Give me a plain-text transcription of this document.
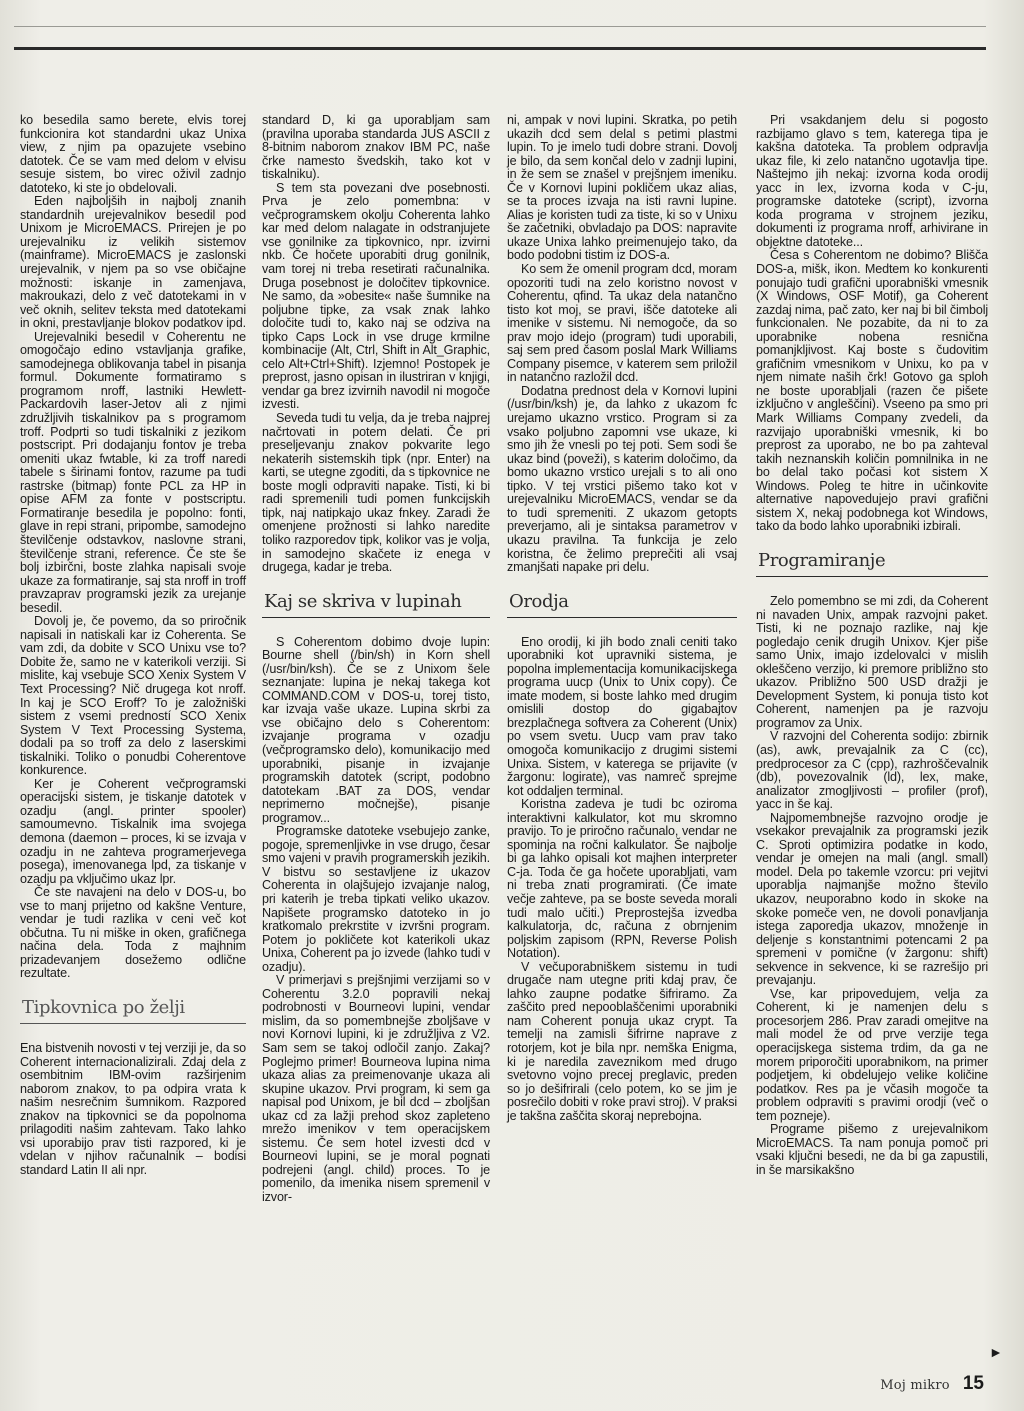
ko besedila samo berete, elvis torej funkcionira kot standardni ukaz Unixa view, z njim pa opazujete vsebino datotek. Če se vam med delom v elvisu sesuje sistem, bo virec oživil zadnjo datoteko, ki ste jo obdelovali.

Eden najboljših in najbolj znanih standardnih urejevalnikov besedil pod Unixom je MicroEMACS. Prirejen je po urejevalniku iz velikih sistemov (mainframe). MicroEMACS je zaslonski urejevalnik, v njem pa so vse običajne možnosti: iskanje in zamenjava, makroukazi, delo z več datotekami in v več oknih, selitev teksta med datotekami in okni, prestavljanje blokov podatkov ipd.

Urejevalniki besedil v Coherentu ne omogočajo edino vstavljanja grafike, samodejnega oblikovanja tabel in pisanja formul. Dokumente formatiramo s programom nroff, lastniki Hewlett-Packardovih laser-Jetov ali z njimi združljivih tiskalnikov pa s programom troff. Podprti so tudi tiskalniki z jezikom postscript. Pri dodajanju fontov je treba omeniti ukaz fwtable, ki za troff naredi tabele s širinami fontov, razume pa tudi rastrske (bitmap) fonte PCL za HP in opise AFM za fonte v postscriptu. Formatiranje besedila je popolno: fonti, glave in repi strani, pripombe, samodejno številčenje odstavkov, naslovne strani, številčenje strani, reference. Če ste še bolj izbirčni, boste zlahka napisali svoje ukaze za formatiranje, saj sta nroff in troff pravzaprav programski jezik za urejanje besedil.

Dovolj je, če povemo, da so priročnik napisali in natiskali kar iz Coherenta. Se vam zdi, da dobite v SCO Unixu vse to? Dobite že, samo ne v katerikoli verziji. Si mislite, kaj vsebuje SCO Xenix System V Text Processing? Nič drugega kot nroff. In kaj je SCO Eroff? To je založniški sistem z vsemi predností SCO Xenix System V Text Processing Systema, dodali pa so troff za delo z laserskimi tiskalniki. Toliko o ponudbi Coherentove konkurence.

Ker je Coherent večprogramski operacijski sistem, je tiskanje datotek v ozadju (angl. printer spooler) samoumevno. Tiskalnik ima svojega demona (daemon – proces, ki se izvaja v ozadju in ne zahteva programerjevega posega), imenovanega lpd, za tiskanje v ozadju pa vključimo ukaz lpr.

Če ste navajeni na delo v DOS-u, bo vse to manj prijetno od kakšne Venture, vendar je tudi razlika v ceni več kot občutna. Tu ni miške in oken, grafičnega načina dela. Toda z majhnim prizadevanjem dosežemo odlične rezultate.

Tipkovnica po želji

Ena bistvenih novosti v tej verziji je, da so Coherent internacionalizirali. Zdaj dela z osembitnim IBM-ovim razširjenim naborom znakov, to pa odpira vrata k našim nesrečnim šumnikom. Razpored znakov na tipkovnici se da popolnoma prilagoditi našim zahtevam. Tako lahko vsi uporabijo prav tisti razpored, ki je vdelan v njihov računalnik – bodisi standard Latin II ali npr.

standard D, ki ga uporabljam sam (pravilna uporaba standarda JUS ASCII z 8-bitnim naborom znakov IBM PC, naše črke namesto švedskih, tako kot v tiskalniku).

S tem sta povezani dve posebnosti. Prva je zelo pomembna: v večprogramskem okolju Coherenta lahko kar med delom nalagate in odstranjujete vse gonilnike za tipkovnico, npr. izvirni nkb. Če hočete uporabiti drug gonilnik, vam torej ni treba resetirati računalnika. Druga posebnost je določitev tipkovnice. Ne samo, da »obesite« naše šumnike na poljubne tipke, za vsak znak lahko določite tudi to, kako naj se odziva na tipko Caps Lock in vse druge krmilne kombinacije (Alt, Ctrl, Shift in Alt_Graphic, celo Alt+Ctrl+Shift). Izjemno! Postopek je preprost, jasno opisan in ilustriran v knjigi, vendar ga brez izvirnih navodil ni mogoče izvesti.

Seveda tudi tu velja, da je treba najprej načrtovati in potem delati. Če pri preseljevanju znakov pokvarite lego nekaterih sistemskih tipk (npr. Enter) na karti, se utegne zgoditi, da s tipkovnice ne boste mogli odpraviti napake. Tisti, ki bi radi spremenili tudi pomen funkcijskih tipk, naj natipkajo ukaz fnkey. Zaradi že omenjene prožnosti si lahko naredite toliko razporedov tipk, kolikor vas je volja, in samodejno skačete iz enega v drugega, kadar je treba.

Kaj se skriva v lupinah

S Coherentom dobimo dvoje lupin: Bourne shell (/bin/sh) in Korn shell (/usr/bin/ksh). Če se z Unixom šele seznanjate: lupina je nekaj takega kot COMMAND.COM v DOS-u, torej tisto, kar izvaja vaše ukaze. Lupina skrbi za vse običajno delo s Coherentom: izvajanje programa v ozadju (večprogramsko delo), komunikacijo med uporabniki, pisanje in izvajanje programskih datotek (script, podobno datotekam .BAT za DOS, vendar neprimerno močnejše), pisanje programov...

Programske datoteke vsebujejo zanke, pogoje, spremenljivke in vse drugo, česar smo vajeni v pravih programerskih jezikih. V bistvu so sestavljene iz ukazov Coherenta in olajšujejo izvajanje nalog, pri katerih je treba tipkati veliko ukazov. Napišete programsko datoteko in jo kratkomalo prekrstite v izvršni program. Potem jo pokličete kot katerikoli ukaz Unixa, Coherent pa jo izvede (lahko tudi v ozadju).

V primerjavi s prejšnjimi verzijami so v Coherentu 3.2.0 popravili nekaj podrobnosti v Bourneovi lupini, vendar mislim, da so pomembnejše zboljšave v novi Kornovi lupini, ki je združljiva z V2. Sam sem se takoj odločil zanjo. Zakaj? Poglejmo primer! Bourneova lupina nima ukaza alias za preimenovanje ukaza ali skupine ukazov. Prvi program, ki sem ga napisal pod Unixom, je bil dcd – zboljšan ukaz cd za lažji prehod skoz zapleteno mrežo imenikov v tem operacijskem sistemu. Če sem hotel izvesti dcd v Bourneovi lupini, se je moral pognati podrejeni (angl. child) proces. To je pomenilo, da imenika nisem spremenil v izvor-

ni, ampak v novi lupini. Skratka, po petih ukazih dcd sem delal s petimi plastmi lupin. To je imelo tudi dobre strani. Dovolj je bilo, da sem končal delo v zadnji lupini, in že sem se znašel v prejšnjem imeniku. Če v Kornovi lupini pokličem ukaz alias, se ta proces izvaja na isti ravni lupine. Alias je koristen tudi za tiste, ki so v Unixu še začetniki, obvladajo pa DOS: napravite ukaze Unixa lahko preimenujejo tako, da bodo podobni tistim iz DOS-a.

Ko sem že omenil program dcd, moram opozoriti tudi na zelo koristno novost v Coherentu, qfind. Ta ukaz dela natančno tisto kot moj, se pravi, išče datoteke ali imenike v sistemu. Ni nemogoče, da so prav mojo idejo (program) tudi uporabili, saj sem pred časom poslal Mark Williams Company pisemce, v katerem sem priložil in natančno razložil dcd.

Dodatna prednost dela v Kornovi lupini (/usr/bin/ksh) je, da lahko z ukazom fc urejamo ukazno vrstico. Program si za vsako poljubno zapomni vse ukaze, ki smo jih že vnesli po tej poti. Sem sodi še ukaz bind (poveži), s katerim določimo, da bomo ukazno vrstico urejali s to ali ono tipko. V tej vrstici pišemo tako kot v urejevalniku MicroEMACS, vendar se da to tudi spremeniti. Z ukazom getopts preverjamo, ali je sintaksa parametrov v ukazu pravilna. Ta funkcija je zelo koristna, če želimo preprečiti ali vsaj zmanjšati napake pri delu.

Orodja

Eno orodij, ki jih bodo znali ceniti tako uporabniki kot upravniki sistema, je popolna implementacija komunikacijskega programa uucp (Unix to Unix copy). Če imate modem, si boste lahko med drugim omislili dostop do gigabajtov brezplačnega softvera za Coherent (Unix) po vsem svetu. Uucp vam prav tako omogoča komunikacijo z drugimi sistemi Unixa. Sistem, v katerega se prijavite (v žargonu: logirate), vas namreč sprejme kot oddaljen terminal.

Koristna zadeva je tudi bc oziroma interaktivni kalkulator, kot mu skromno pravijo. To je priročno računalo, vendar ne spominja na ročni kalkulator. Še najbolje bi ga lahko opisali kot majhen interpreter C-ja. Toda če ga hočete uporabljati, vam ni treba znati programirati. (Če imate večje zahteve, pa se boste seveda morali tudi malo učiti.) Preprostejša izvedba kalkulatorja, dc, računa z obrnjenim poljskim zapisom (RPN, Reverse Polish Notation).

V večuporabniškem sistemu in tudi drugače nam utegne priti kdaj prav, če lahko zaupne podatke šifriramo. Za zaščito pred nepooblaščenimi uporabniki nam Coherent ponuja ukaz crypt. Ta temelji na zamisli šifrirne naprave z rotorjem, kot je bila npr. nemška Enigma, ki je naredila zaveznikom med drugo svetovno vojno precej preglavic, preden so jo dešifrirali (celo potem, ko se jim je posrečilo dobiti v roke pravi stroj). V praksi je takšna zaščita skoraj neprebojna.

Pri vsakdanjem delu si pogosto razbijamo glavo s tem, katerega tipa je kakšna datoteka. Ta problem odpravlja ukaz file, ki zelo natančno ugotavlja tipe. Naštejmo jih nekaj: izvorna koda orodij yacc in lex, izvorna koda v C-ju, programske datoteke (script), izvorna koda programa v strojnem jeziku, dokumenti iz programa nroff, arhivirane in objektne datoteke...

Česa s Coherentom ne dobimo? Blišča DOS-a, mišk, ikon. Medtem ko konkurenti ponujajo tudi grafični uporabniški vmesnik (X Windows, OSF Motif), ga Coherent zazdaj nima, pač zato, ker naj bi bil čimbolj funkcionalen. Ne pozabite, da ni to za uporabnike nobena resnična pomanjkljivost. Kaj boste s čudovitim grafičnim vmesnikom v Unixu, ko pa v njem nimate naših črk! Gotovo ga sploh ne boste uporabljali (razen če pišete izključno v angleščini). Vseeno pa smo pri Mark Williams Company zvedeli, da razvijajo uporabniški vmesnik, ki bo preprost za uporabo, ne bo pa zahteval takih neznanskih količin pomnilnika in ne bo delal tako počasi kot sistem X Windows. Poleg te hitre in učinkovite alternative napovedujejo pravi grafični sistem X, nekaj podobnega kot Windows, tako da bodo lahko uporabniki izbirali.

Programiranje

Zelo pomembno se mi zdi, da Coherent ni navaden Unix, ampak razvojni paket. Tisti, ki ne poznajo razlike, naj kje pogledajo cenik drugih Unixov. Kjer piše samo Unix, imajo izdelovalci v mislih okleščeno verzijo, ki premore približno sto ukazov. Približno 500 USD dražji je Development System, ki ponuja tisto kot Coherent, namenjen pa je razvoju programov za Unix.

V razvojni del Coherenta sodijo: zbirnik (as), awk, prevajalnik za C (cc), predprocesor za C (cpp), razhroščevalnik (db), povezovalnik (ld), lex, make, analizator zmogljivosti – profiler (prof), yacc in še kaj.

Najpomembnejše razvojno orodje je vsekakor prevajalnik za programski jezik C. Sproti optimizira podatke in kodo, vendar je omejen na mali (angl. small) model. Dela po takemle vzorcu: pri vejitvi uporablja najmanjše možno število ukazov, neuporabno kodo in skoke na skoke pomeče ven, ne dovoli ponavljanja istega zaporedja ukazov, množenje in deljenje s konstantnimi potencami 2 pa spremeni v pomične (v žargonu: shift) sekvence in sekvence, ki se razrešijo pri prevajanju.

Vse, kar pripovedujem, velja za Coherent, ki je namenjen delu s procesorjem 286. Prav zaradi omejitve na mali model že od prve verzije tega operacijskega sistema trdim, da ga ne morem priporočiti uporabnikom, na primer podjetjem, ki obdelujejo velike količine podatkov. Res pa je včasih mogoče ta problem odpraviti s pravimi orodji (več o tem pozneje).

Programe pišemo z urejevalnikom MicroEMACS. Ta nam ponuja pomoč pri vsaki ključni besedi, ne da bi ga zapustili, in še marsikakšno

►
Moj mikro 15
